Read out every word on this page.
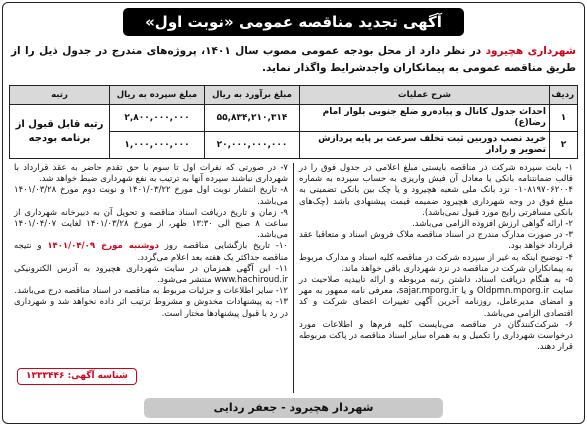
آگهی تجدید مناقصه عمومی «نوبت اول»
شهرداری هچیرود در نظر دارد از محل بودجه عمومی مصوب سال ۱۴۰۱، پروژه‌های مندرج در جدول ذیل را از طریق مناقصه عمومی به پیمانکاران واجدشرایط واگذار نماید.
ردیف	شرح عملیات	مبلغ برآورد به ریال	مبلغ سپرده به ریال	رتبه
۱	احداث جدول کانال و پیاده‌رو ضلع جنوبی بلوار امام رضا(ع)	۵۵,۸۳۴,۲۱۰,۳۱۴	۲,۸۰۰,۰۰۰,۰۰۰	رتبه قابل قبول از برنامه بودجه
۲	خرید نصب دوربین ثبت تخلف سرعت بر پایه پردازش تصویر و رادار	۲۰,۰۰۰,۰۰۰,۰۰۰	۱,۰۰۰,۰۰۰,۰۰۰	

۱- بابت سپرده شرکت در مناقصه بایستی مبلغ اعلامی در جدول فوق را در قالب ضمانتنامه بانکی یا معادل آن فیش واریزی به حساب سپرده به شماره ۰۱۰۸۱۹۷۰۶۲۰۰۴ نزد بانک ملی شعبه هچیرود و یا چک بین بانکی تضمینی به مبلغ فوق در وجه شهرداری هچیرود ضمیمه قیمت پیشنهادی باشد (چک‌های بانکی مسافرتی رایج مورد قبول نمی‌باشد).

۲- ارائه گواهی ارزش افزوده الزامی می‌باشد.

۳- در صورت مدارک مندرج در اسناد مناقصه ملاک فروش اسناد و متعاقبا عقد قرارداد خواهد بود.

۴- توضیح اینکه به غیر از سپرده شرکت در مناقصه کلیه اسناد و مدارک مربوط به پیمانکاران شرکت در مناقصه در نزد شهرداری باقی خواهد ماند.

۵- به هنگام دریافت اسناد، داشتن رتبه مربوطه و ارائه تاییدیه صلاحیت در سایت Oldpmn.mporg.ir و یا sajar.mporg.ir، معرفی نامه ممهور به مهر و امضای مدیرعامل، روزنامه آخرین آگهی تغییرات اعضای شرکت و کد اقتصادی الزامی می‌باشد.

۶- شرکت‌کنندگان در مناقصه می‌بایست کلیه فرم‌ها و اطلاعات مورد درخواست شهرداری را تکمیل و به همراه سایر اسناد مناقصه در پاکت مربوطه قرار دهند.

۷- در صورتی که نفرات اول تا سوم با حق تقدم حاضر به عقد قرارداد با شهرداری نباشند سپرده آنها به ترتیب به نفع شهرداری ضبط خواهد شد.

۸- تاریخ انتشار نوبت اول مورخ ۱۴۰۱/۰۳/۲۲ و نوبت دوم مورخ ۱۴۰۱/۰۳/۲۸ می‌باشد.

۹- زمان و تاریخ دریافت اسناد مناقصه و تحویل آن به دبیرخانه شهرداری از ساعت ۸ صبح الی ۱۳:۳۰ ظهر، از مورخ ۱۴۰۱/۰۳/۲۸ لغایت ۱۴۰۱/۰۴/۰۷ می‌باشد.

۱۰- تاریخ بازگشایی مناقصه روز دوشنبه مورخ ۱۴۰۱/۰۴/۰۹ و نتیجه مناقصه حداکثر یک هفته بعد اعلام می‌گردد.

۱۱- این آگهی همزمان در سایت شهرداری هچیرود به آدرس الکترونیکی www.hachiroud.ir منتشر می‌شود.

۱۲- سایر اطلاعات و جزئیات مربوط به مناقصه در اسناد مناقصه درج می‌باشد.

۱۳- به پیشنهادات مخدوش و مشروط ترتیب اثر داده نخواهد شد و شهرداری در رد یا قبول پیشنهادها مختار است.

شناسه آگهی: ۱۳۳۳۴۴۶
شهردار هچیرود - جعفر ردایی
